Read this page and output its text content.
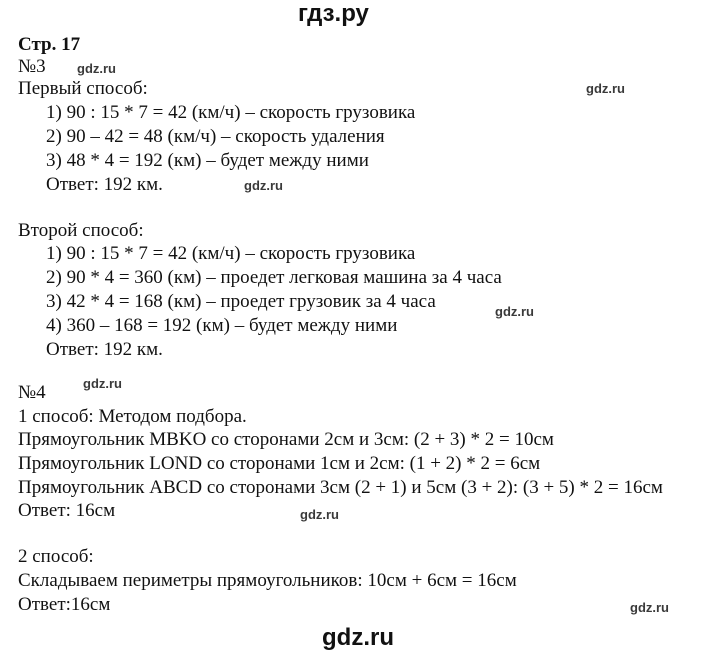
гдз.ру
Стр. 17
№3 gdz.ru
gdz.ru
Первый способ:
1) 90 : 15 * 7 = 42 (км/ч) – скорость грузовика
2) 90 – 42 = 48 (км/ч) – скорость удаления
3) 48 * 4 = 192 (км) – будет между ними
Ответ: 192 км.	gdz.ru
Второй способ:
1) 90 : 15 * 7 = 42 (км/ч) – скорость грузовика
2) 90 * 4 = 360 (км) – проедет легковая машина за 4 часа
3) 42 * 4 = 168 (км) – проедет грузовик за 4 часа
4) 360 – 168 = 192 (км) – будет между ними
gdz.ru
Ответ: 192 км.
№4	gdz.ru
1 способ: Методом подбора.
Прямоугольник MBKO со сторонами 2см и 3см: (2 + 3) * 2 = 10см
Прямоугольник LOND со сторонами 1см и 2см: (1 + 2) * 2 = 6см
Прямоугольник ABCD со сторонами 3см (2 + 1) и 5см (3 + 2): (3 + 5) * 2 = 16см
Ответ: 16см	gdz.ru
2 способ:
Складываем периметры прямоугольников: 10см + 6см = 16см
Ответ:16см	gdz.ru
gdz.ru
